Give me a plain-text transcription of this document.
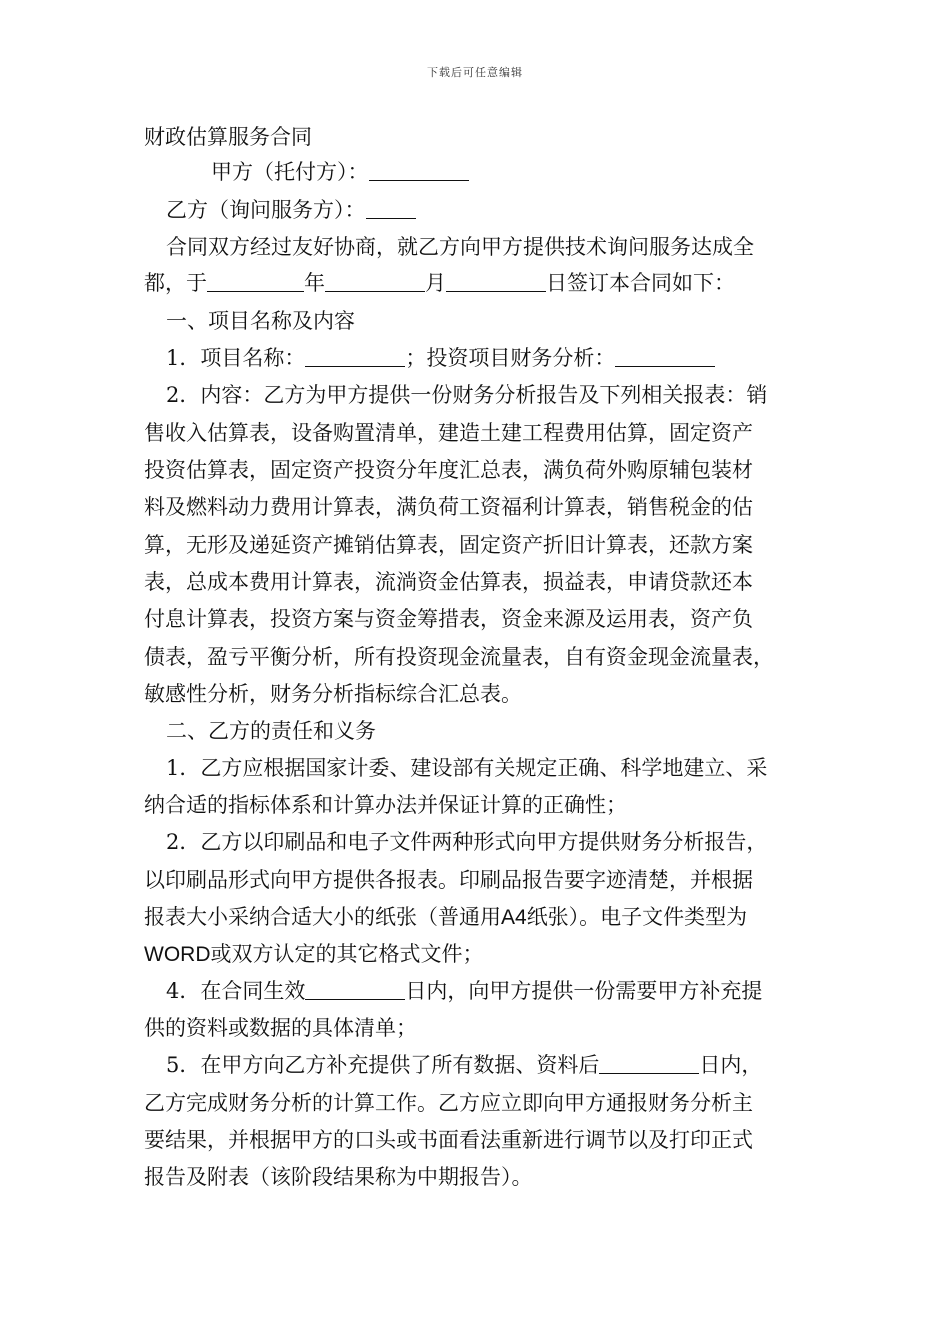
下载后可任意编辑
财政估算服务合同
甲方（托付方）：
乙方（询问服务方）：
合同双方经过友好协商，就乙方向甲方提供技术询问服务达成全
都，于	年	月	日签订本合同如下：
一、项目名称及内容
1．项目名称：	；投资项目财务分析：
2．内容：乙方为甲方提供一份财务分析报告及下列相关报表：销
售收入估算表，设备购置清单，建造土建工程费用估算，固定资产
投资估算表，固定资产投资分年度汇总表，满负荷外购原辅包装材
料及燃料动力费用计算表，满负荷工资福利计算表，销售税金的估
算，无形及递延资产摊销估算表，固定资产折旧计算表，还款方案
表，总成本费用计算表，流淌资金估算表，损益表，申请贷款还本
付息计算表，投资方案与资金筹措表，资金来源及运用表，资产负
债表，盈亏平衡分析，所有投资现金流量表，自有资金现金流量表，
敏感性分析，财务分析指标综合汇总表。
二、乙方的责任和义务
1．乙方应根据国家计委、建设部有关规定正确、科学地建立、采
纳合适的指标体系和计算办法并保证计算的正确性；
2．乙方以印刷品和电子文件两种形式向甲方提供财务分析报告，
以印刷品形式向甲方提供各报表。印刷品报告要字迹清楚，并根据
报表大小采纳合适大小的纸张（普通用A4纸张）。电子文件类型为
WORD或双方认定的其它格式文件；
4．在合同生效	日内，向甲方提供一份需要甲方补充提
供的资料或数据的具体清单；
5．在甲方向乙方补充提供了所有数据、资料后	日内，
乙方完成财务分析的计算工作。乙方应立即向甲方通报财务分析主
要结果，并根据甲方的口头或书面看法重新进行调节以及打印正式
报告及附表（该阶段结果称为中期报告）。
